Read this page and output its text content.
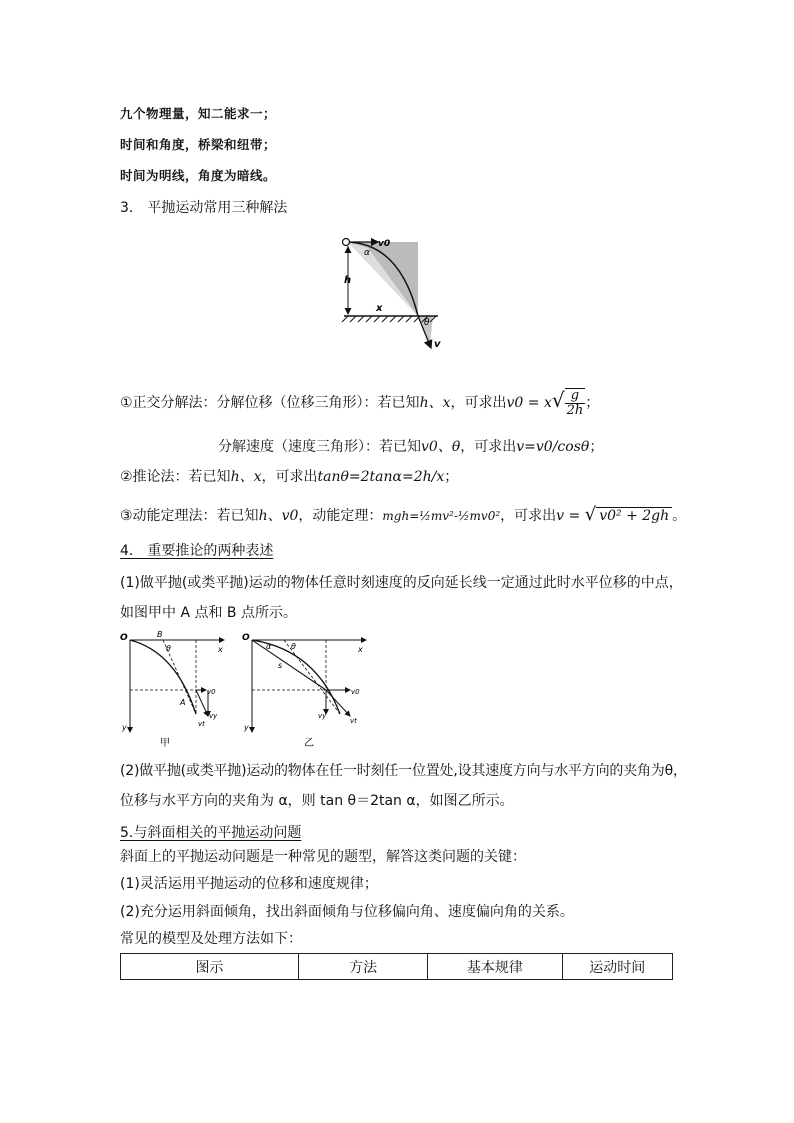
九个物理量，知二能求一；
时间和角度，桥梁和纽带；
时间为明线，角度为暗线。
3． 平抛运动常用三种解法
v0
α
h
x
θ
v
①正交分解法：分解位移（位移三角形）：若已知h、x，可求出$v0 = x√ \frac{g}{2h}$ ；
分解速度（速度三角形）：若已知v0、θ，可求出v=v0/cosθ；
②推论法：若已知h、x，可求出tanθ=2tanα=2h/x；
③动能定理法：若已知h、v0，动能定理：mgh=½mv²-½mv0²，可求出v = √ v0² + 2gh 。
4． 重要推论的两种表述
(1)做平抛(或类平抛)运动的物体任意时刻速度的反向延长线一定通过此时水平位移的中点，
如图甲中 A 点和 B 点所示。
O	B
θ	x
A
v0
vy
vt
y
甲
O
α θ
s
x
v0
vy
vt
y
乙
(2)做平抛(或类平抛)运动的物体在任一时刻任一位置处,设其速度方向与水平方向的夹角为θ，
位移与水平方向的夹角为 α，则 tan θ＝2tan α，如图乙所示。
5.与斜面相关的平抛运动问题
斜面上的平抛运动问题是一种常见的题型，解答这类问题的关键：
(1)灵活运用平抛运动的位移和速度规律；
(2)充分运用斜面倾角，找出斜面倾角与位移偏向角、速度偏向角的关系。
常见的模型及处理方法如下：
图示	方法	基本规律	运动时间
